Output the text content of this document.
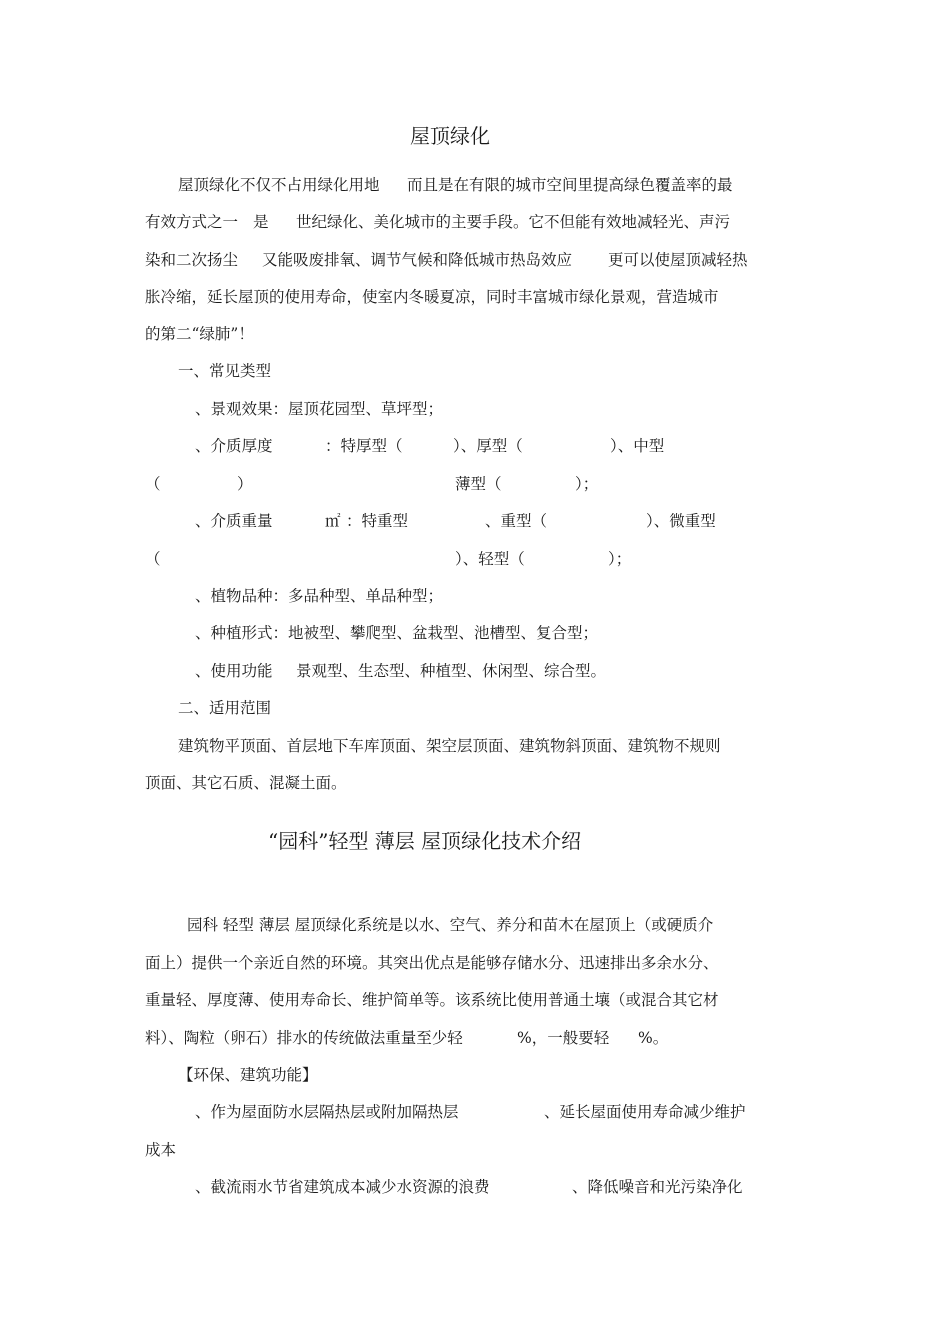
屋顶绿化
屋顶绿化不仅不占用绿化用地 而且是在有限的城市空间里提高绿色覆盖率的最
有效方式之一 是 世纪绿化、美化城市的主要手段。它不但能有效地减轻光、声污
染和二次扬尘 又能吸废排氧、调节气候和降低城市热岛效应 更可以使屋顶减轻热
胀冷缩，延长屋顶的使用寿命，使室内冬暖夏凉，同时丰富城市绿化景观，营造城市
的第二“绿肺”！
一、常见类型
、景观效果：屋顶花园型、草坪型；
、介质厚度	：特厚型（	）、厚型（	）、中型
（	）	薄型（	）；
、介质重量	㎡ ：特重型	、重型（	）、微重型
（	）、轻型（	）；
、植物品种：多品种型、单品种型；
、种植形式：地被型、攀爬型、盆栽型、池槽型、复合型；
、使用功能 景观型、生态型、种植型、休闲型、综合型。
二、适用范围
建筑物平顶面、首层地下车库顶面、架空层顶面、建筑物斜顶面、建筑物不规则
顶面、其它石质、混凝土面。
“园科”轻型 薄层 屋顶绿化技术介绍
园科 轻型 薄层 屋顶绿化系统是以水、空气、养分和苗木在屋顶上（或硬质介
面上）提供一个亲近自然的环境。其突出优点是能够存储水分、迅速排出多余水分、
重量轻、厚度薄、使用寿命长、维护简单等。该系统比使用普通土壤（或混合其它材
料）、陶粒（卵石）排水的传统做法重量至少轻	%，一般要轻 %。
【环保、建筑功能】
、作为屋面防水层隔热层或附加隔热层	、延长屋面使用寿命减少维护
成本
、截流雨水节省建筑成本减少水资源的浪费	、降低噪音和光污染净化
